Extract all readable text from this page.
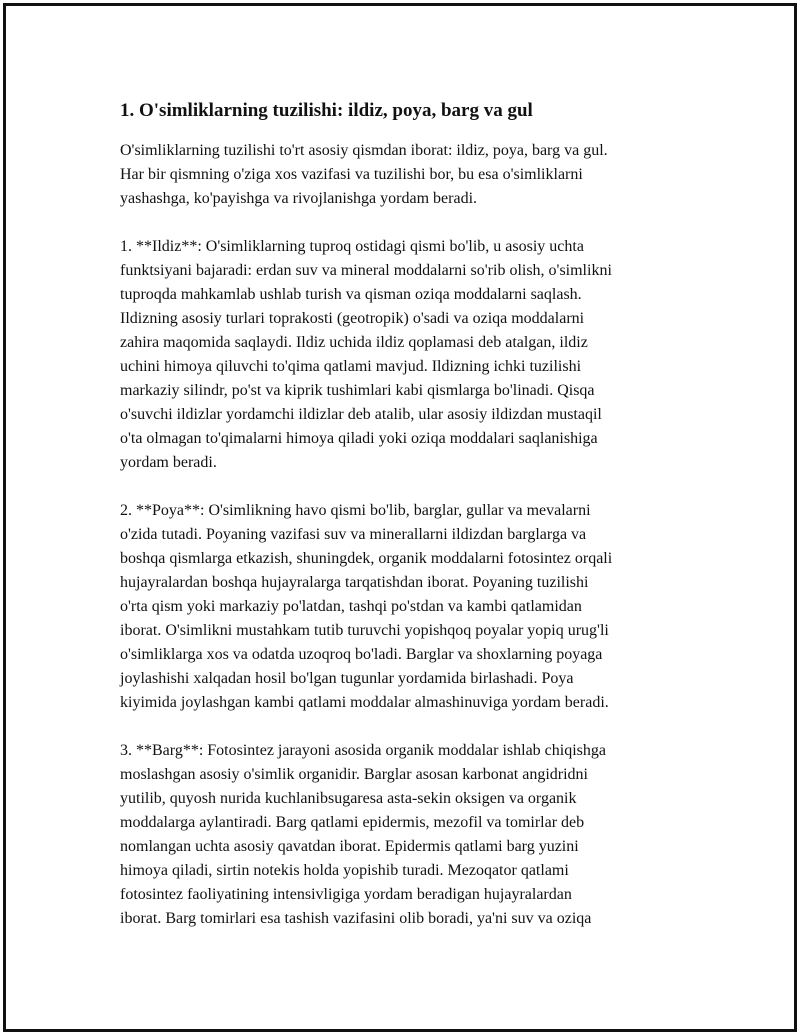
1. O'simliklarning tuzilishi: ildiz, poya, barg va gul

O'simliklarning tuzilishi to'rt asosiy qismdan iborat: ildiz, poya, barg va gul.
Har bir qismning o'ziga xos vazifasi va tuzilishi bor, bu esa o'simliklarni
yashashga, ko'payishga va rivojlanishga yordam beradi.

1. **Ildiz**: O'simliklarning tuproq ostidagi qismi bo'lib, u asosiy uchta
funktsiyani bajaradi: erdan suv va mineral moddalarni so'rib olish, o'simlikni
tuproqda mahkamlab ushlab turish va qisman oziqa moddalarni saqlash.
Ildizning asosiy turlari toprakosti (geotropik) o'sadi va oziqa moddalarni
zahira maqomida saqlaydi. Ildiz uchida ildiz qoplamasi deb atalgan, ildiz
uchini himoya qiluvchi to'qima qatlami mavjud. Ildizning ichki tuzilishi
markaziy silindr, po'st va kiprik tushimlari kabi qismlarga bo'linadi. Qisqa
o'suvchi ildizlar yordamchi ildizlar deb atalib, ular asosiy ildizdan mustaqil
o'ta olmagan to'qimalarni himoya qiladi yoki oziqa moddalari saqlanishiga
yordam beradi.

2. **Poya**: O'simlikning havo qismi bo'lib, barglar, gullar va mevalarni
o'zida tutadi. Poyaning vazifasi suv va minerallarni ildizdan barglarga va
boshqa qismlarga etkazish, shuningdek, organik moddalarni fotosintez orqali
hujayralardan boshqa hujayralarga tarqatishdan iborat. Poyaning tuzilishi
o'rta qism yoki markaziy po'latdan, tashqi po'stdan va kambi qatlamidan
iborat. O'simlikni mustahkam tutib turuvchi yopishqoq poyalar yopiq urug'li
o'simliklarga xos va odatda uzoqroq bo'ladi. Barglar va shoxlarning poyaga
joylashishi xalqadan hosil bo'lgan tugunlar yordamida birlashadi. Poya
kiyimida joylashgan kambi qatlami moddalar almashinuviga yordam beradi.

3. **Barg**: Fotosintez jarayoni asosida organik moddalar ishlab chiqishga
moslashgan asosiy o'simlik organidir. Barglar asosan karbonat angidridni
yutilib, quyosh nurida kuchlanibsugaresa asta-sekin oksigen va organik
moddalarga aylantiradi. Barg qatlami epidermis, mezofil va tomirlar deb
nomlangan uchta asosiy qavatdan iborat. Epidermis qatlami barg yuzini
himoya qiladi, sirtin notekis holda yopishib turadi. Mezoqator qatlami
fotosintez faoliyatining intensivligiga yordam beradigan hujayralardan
iborat. Barg tomirlari esa tashish vazifasini olib boradi, ya'ni suv va oziqa
